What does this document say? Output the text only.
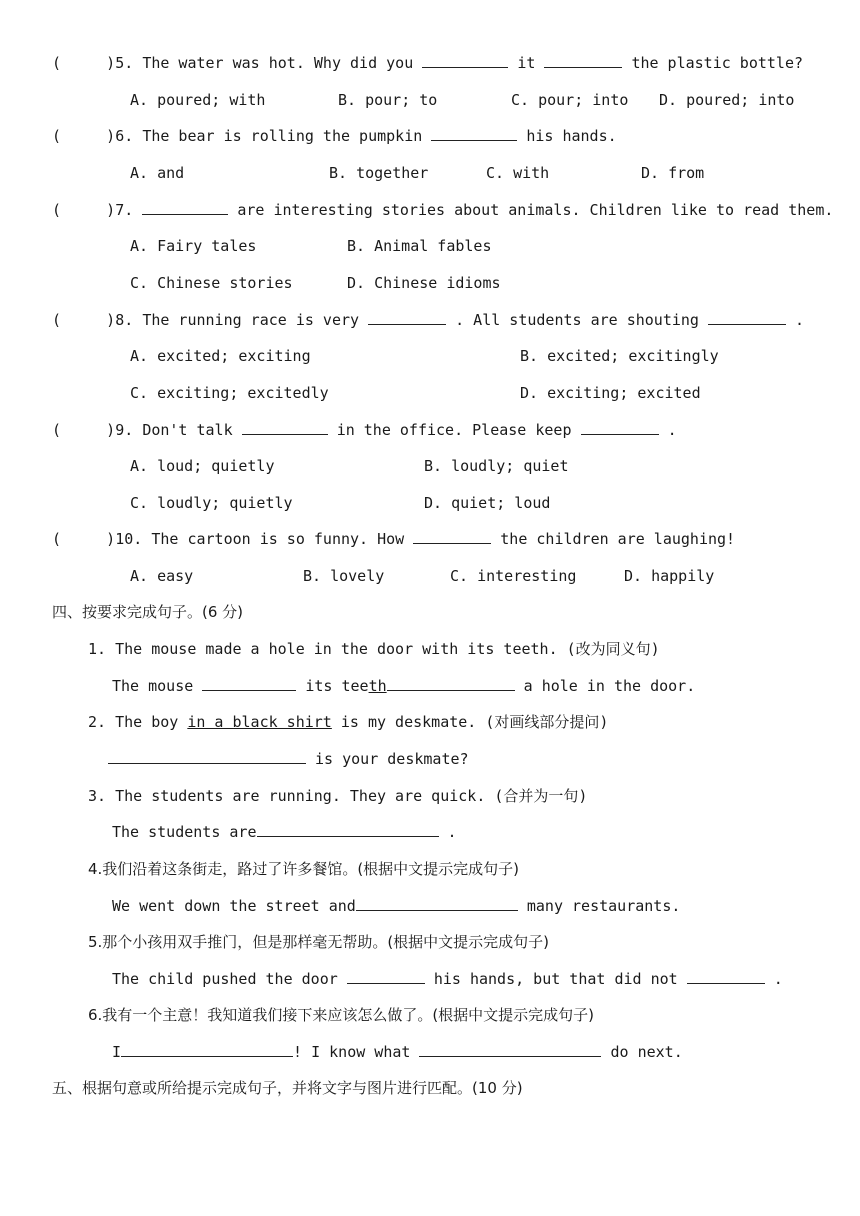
(     )5. The water was hot. Why did you	it	the plastic bottle?
A. poured; with	B. pour; to	C. pour; into D. poured; into
(     )6. The bear is rolling the pumpkin	his hands.
A. and	B. together	C. with	D. from
(     )7.	are interesting stories about animals. Children like to read them.
A. Fairy tales	B. Animal fables
C. Chinese stories	D. Chinese idioms
(     )8. The running race is very	. All students are shouting	.
A. excited; exciting	B. excited; excitingly
C. exciting; excitedly	D. exciting; excited
(     )9. Don't talk	in the office. Please keep	.
A. loud; quietly	B. loudly; quiet
C. loudly; quietly	D. quiet; loud
(     )10. The cartoon is so funny. How	the children are laughing!
A. easy	B. lovely	C. interesting	D. happily
四、按要求完成句子。(6 分)
1. The mouse made a hole in the door with its teeth. (改为同义句)
The mouse	its teeth	a hole in the door.
2. The boy in a black shirt is my deskmate. (对画线部分提问)
is your deskmate?
3. The students are running. They are quick. (合并为一句)
The students are	.
4.我们沿着这条街走，路过了许多餐馆。(根据中文提示完成句子)
We went down the street and	many restaurants.
5.那个小孩用双手推门，但是那样毫无帮助。(根据中文提示完成句子)
The child pushed the door	his hands, but that did not	.
6.我有一个主意！我知道我们接下来应该怎么做了。(根据中文提示完成句子)
I	! I know what	do next.
五、根据句意或所给提示完成句子，并将文字与图片进行匹配。(10 分)
